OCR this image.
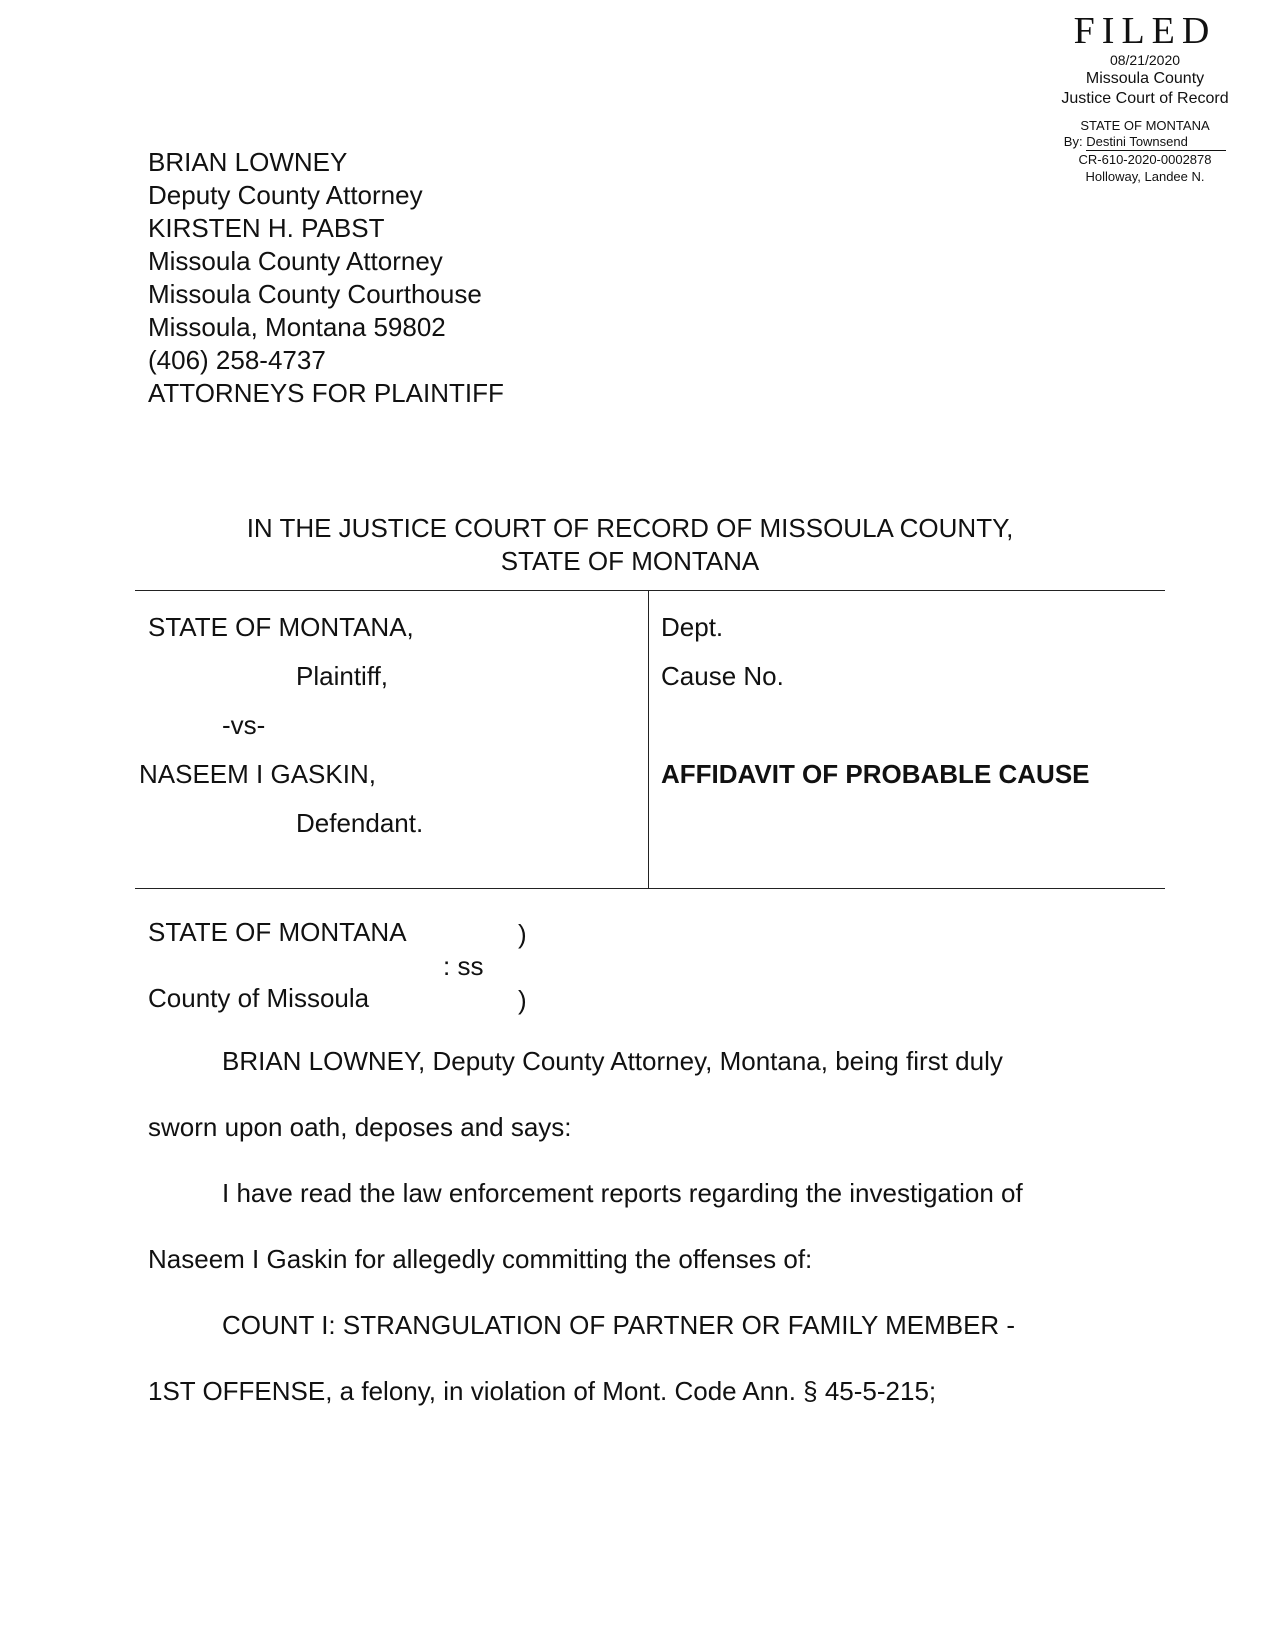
FILED
08/21/2020
Missoula County
Justice Court of Record
STATE OF MONTANA
By: Destini Townsend
CR-610-2020-0002878
Holloway, Landee N.
BRIAN LOWNEY
Deputy County Attorney
KIRSTEN H. PABST
Missoula County Attorney
Missoula County Courthouse
Missoula, Montana 59802
(406) 258-4737
ATTORNEYS FOR PLAINTIFF
IN THE JUSTICE COURT OF RECORD OF MISSOULA COUNTY,
STATE OF MONTANA
STATE OF MONTANA,
Plaintiff,
-vs-
NASEEM I GASKIN,
Defendant.
Dept.
Cause No.
AFFIDAVIT OF PROBABLE CAUSE
STATE OF MONTANA	)
: ss
County of Missoula	)
BRIAN LOWNEY, Deputy County Attorney, Montana, being first duly
sworn upon oath, deposes and says:
I have read the law enforcement reports regarding the investigation of
Naseem I Gaskin for allegedly committing the offenses of:
COUNT I: STRANGULATION OF PARTNER OR FAMILY MEMBER -
1ST OFFENSE, a felony, in violation of Mont. Code Ann. § 45-5-215;
